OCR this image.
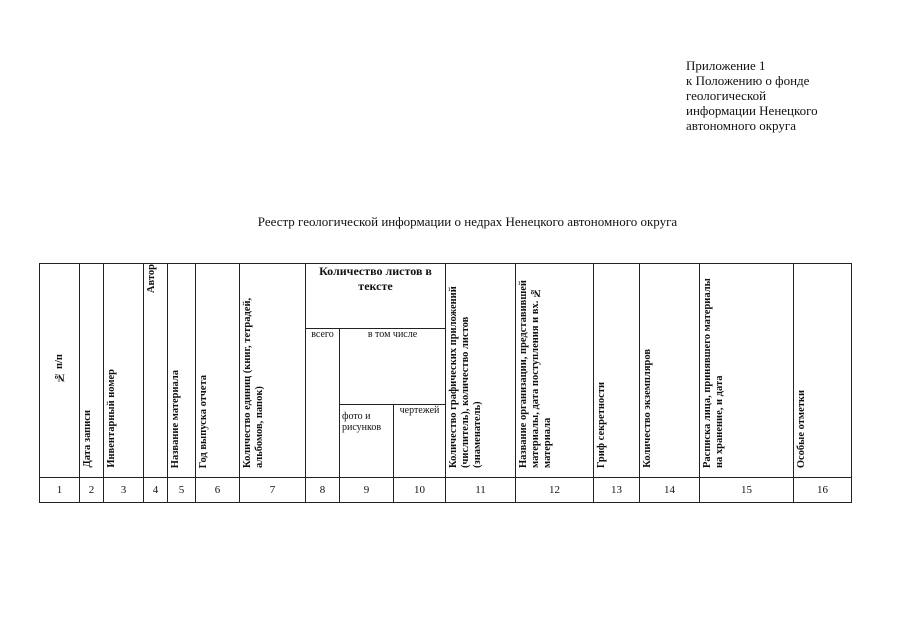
Приложение 1
к Положению о фонде
геологической
информации Ненецкого
автономного округа
Реестр геологической информации о недрах Ненецкого автономного округа
№ п/п	Дата записи	Инвентарный номер	Автор	Название материала	Год выпуска отчета	Количество единиц (книг, тетрадей, альбомов, папок)	Количество листов в тексте			Количество графических приложений (числитель), количество листов (знаменатель)	Название организации, представившей материалы, дата поступления и вх. № материала	Гриф секретности	Количество экземпляров	Расписка лица, принявшего материалы на хранение, и дата	Особые отметки
							всего	в том числе							
								фото и рисунков	чертежей						
1	2	3	4	5	6	7	8	9	10	11	12	13	14	15	16
